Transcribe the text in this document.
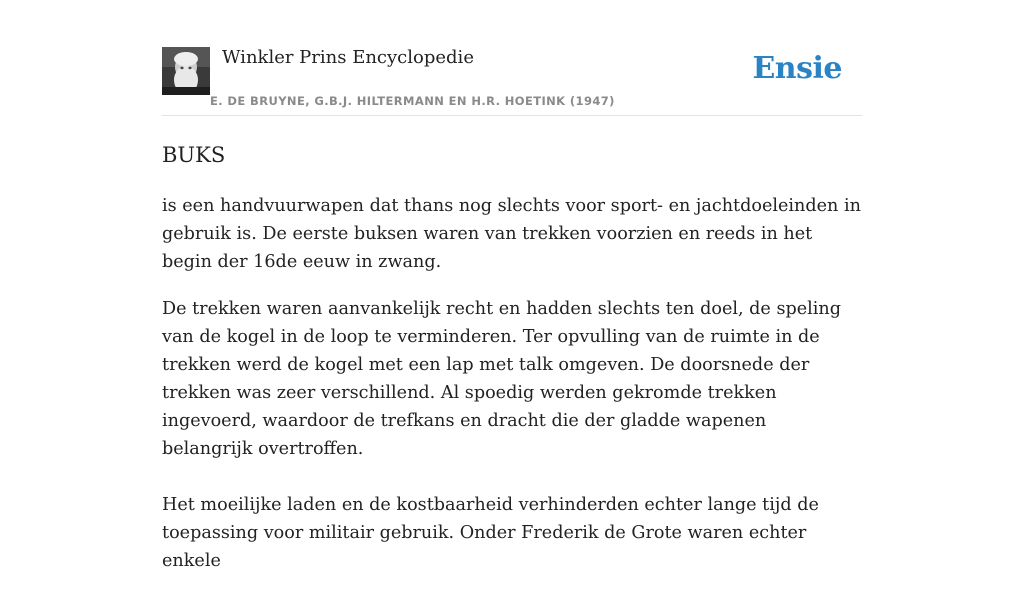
Winkler Prins Encyclopedie
E. DE BRUYNE, G.B.J. HILTERMANN EN H.R. HOETINK (1947)
Ensie
BUKS

is een handvuurwapen dat thans nog slechts voor sport- en jachtdoeleinden in gebruik is. De eerste buksen waren van trekken voorzien en reeds in het begin der 16de eeuw in zwang.

De trekken waren aanvankelijk recht en hadden slechts ten doel, de speling van de kogel in de loop te verminderen. Ter opvulling van de ruimte in de trekken werd de kogel met een lap met talk omgeven. De doorsnede der trekken was zeer verschillend. Al spoedig werden gekromde trekken ingevoerd, waardoor de trefkans en dracht die der gladde wapenen belangrijk overtroffen.

Het moeilijke laden en de kostbaarheid verhinderden echter lange tijd de toepassing voor militair gebruik. Onder Frederik de Grote waren echter enkele
